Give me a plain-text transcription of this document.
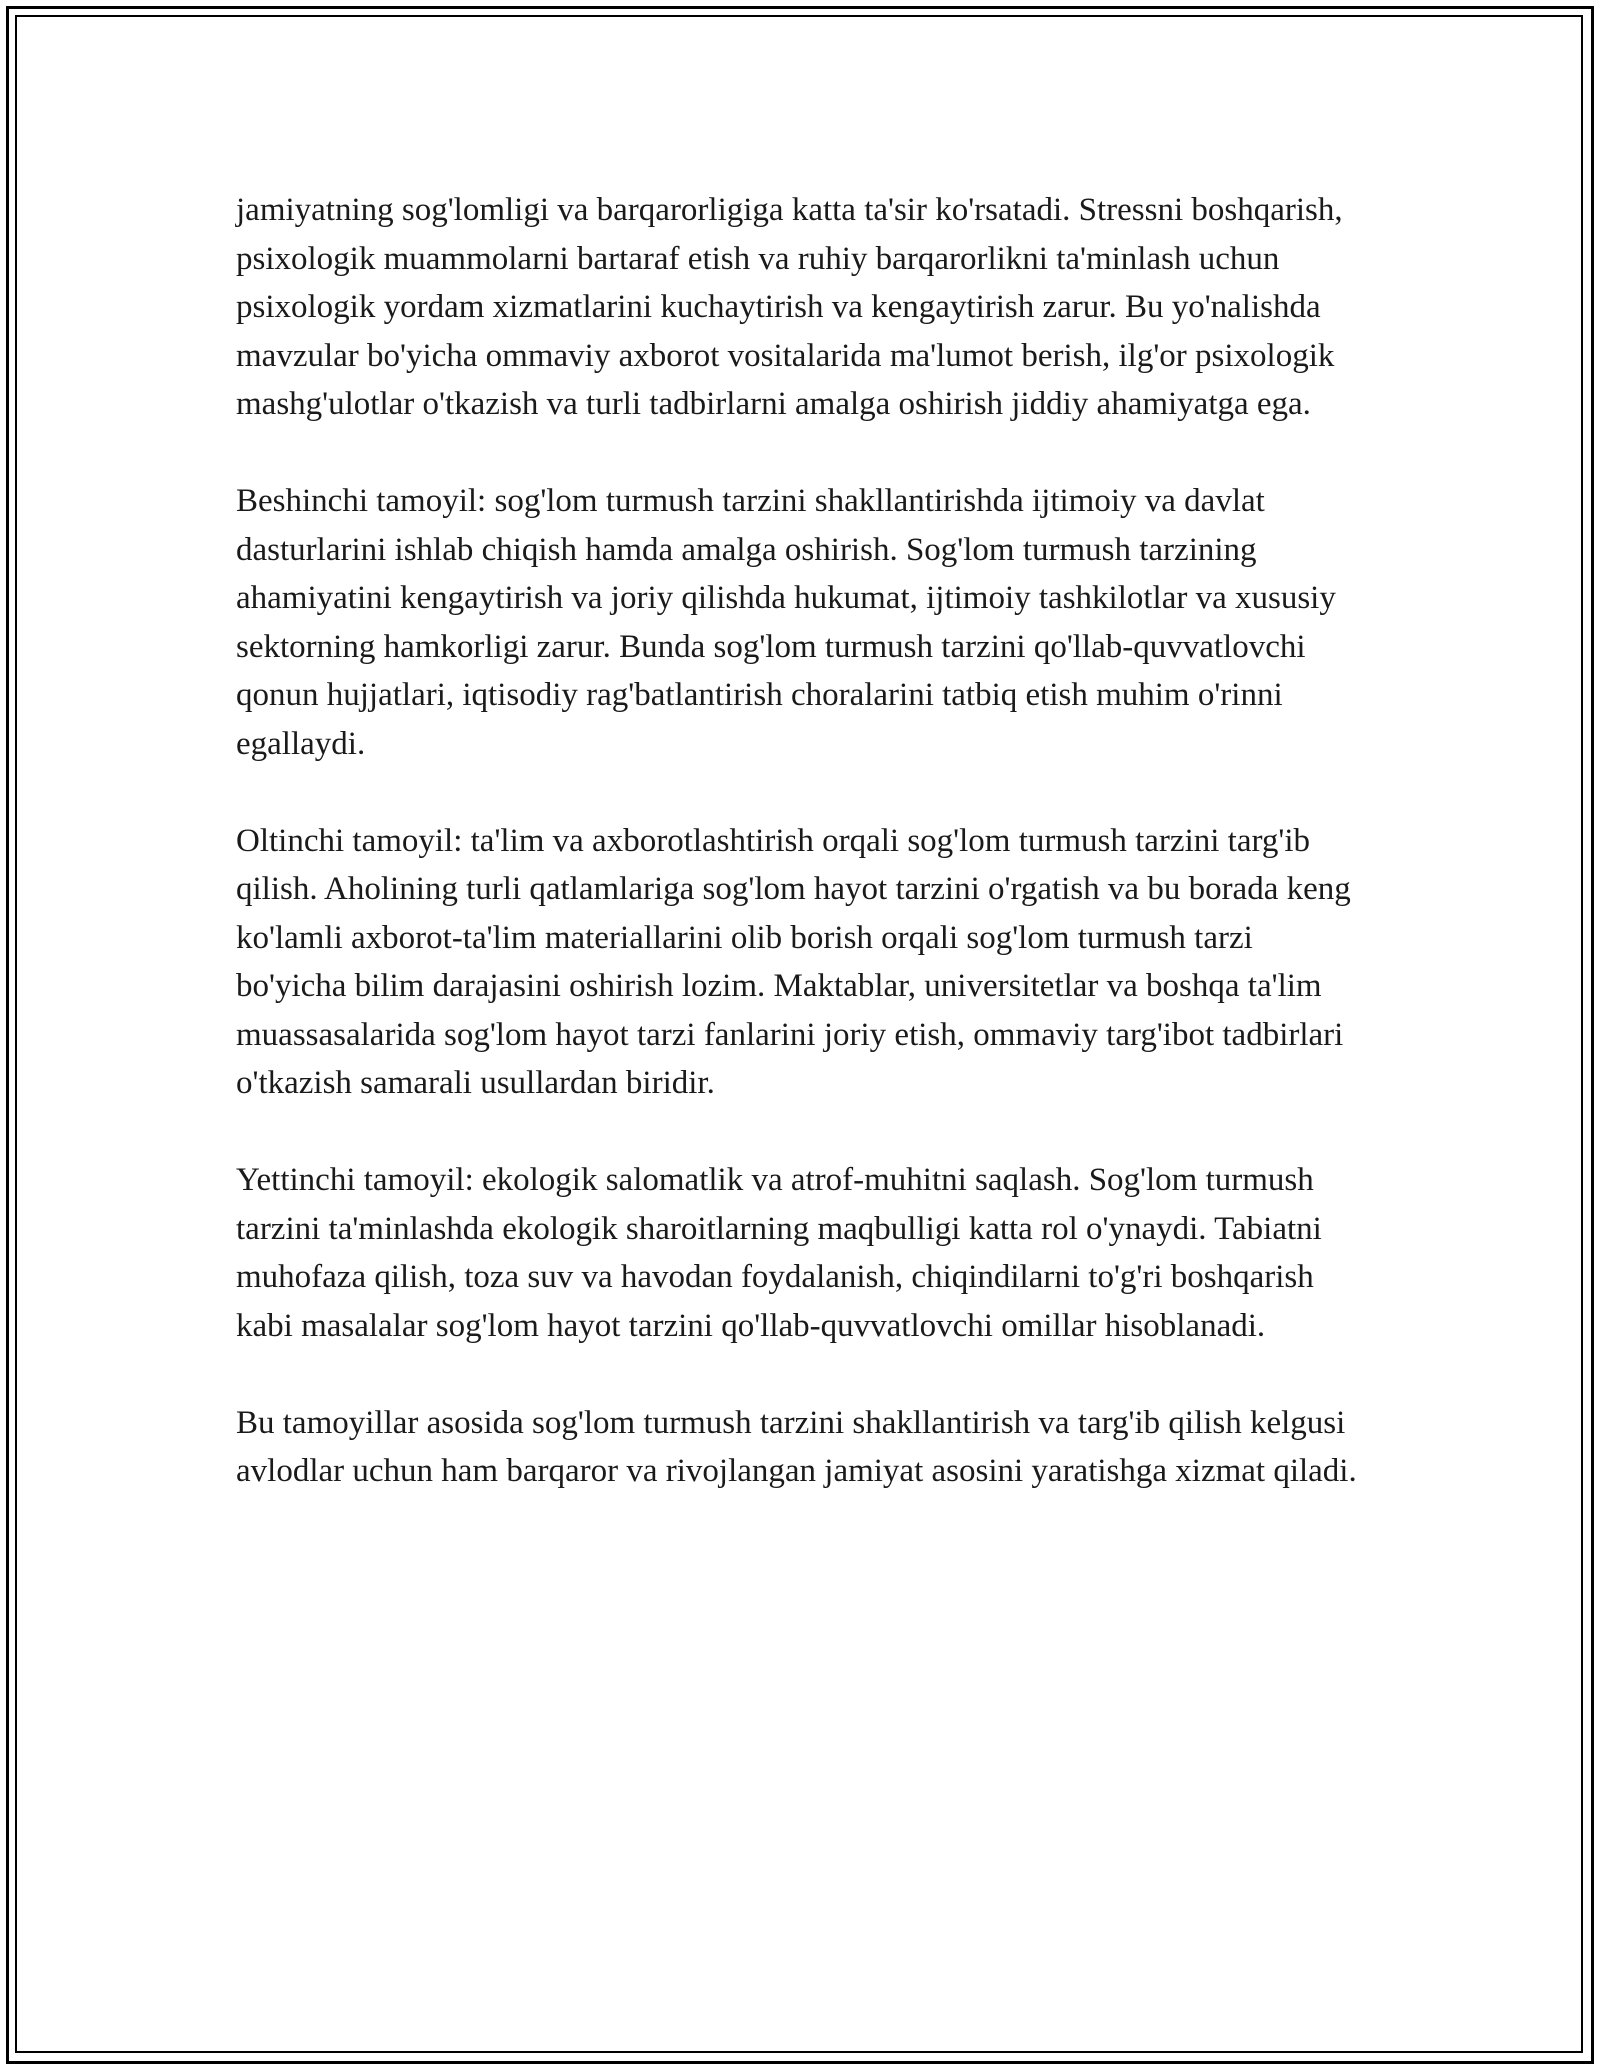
jamiyatning sog'lomligi va barqarorligiga katta ta'sir ko'rsatadi. Stressni boshqarish, psixologik muammolarni bartaraf etish va ruhiy barqarorlikni ta'minlash uchun psixologik yordam xizmatlarini kuchaytirish va kengaytirish zarur. Bu yo'nalishda mavzular bo'yicha ommaviy axborot vositalarida ma'lumot berish, ilg'or psixologik mashg'ulotlar o'tkazish va turli tadbirlarni amalga oshirish jiddiy ahamiyatga ega.

Beshinchi tamoyil: sog'lom turmush tarzini shakllantirishda ijtimoiy va davlat dasturlarini ishlab chiqish hamda amalga oshirish. Sog'lom turmush tarzining ahamiyatini kengaytirish va joriy qilishda hukumat, ijtimoiy tashkilotlar va xususiy sektorning hamkorligi zarur. Bunda sog'lom turmush tarzini qo'llab-quvvatlovchi qonun hujjatlari, iqtisodiy rag'batlantirish choralarini tatbiq etish muhim o'rinni egallaydi.

Oltinchi tamoyil: ta'lim va axborotlashtirish orqali sog'lom turmush tarzini targ'ib qilish. Aholining turli qatlamlariga sog'lom hayot tarzini o'rgatish va bu borada keng ko'lamli axborot-ta'lim materiallarini olib borish orqali sog'lom turmush tarzi bo'yicha bilim darajasini oshirish lozim. Maktablar, universitetlar va boshqa ta'lim muassasalarida sog'lom hayot tarzi fanlarini joriy etish, ommaviy targ'ibot tadbirlari o'tkazish samarali usullardan biridir.

Yettinchi tamoyil: ekologik salomatlik va atrof-muhitni saqlash. Sog'lom turmush tarzini ta'minlashda ekologik sharoitlarning maqbulligi katta rol o'ynaydi. Tabiatni muhofaza qilish, toza suv va havodan foydalanish, chiqindilarni to'g'ri boshqarish kabi masalalar sog'lom hayot tarzini qo'llab-quvvatlovchi omillar hisoblanadi.

Bu tamoyillar asosida sog'lom turmush tarzini shakllantirish va targ'ib qilish kelgusi avlodlar uchun ham barqaror va rivojlangan jamiyat asosini yaratishga xizmat qiladi.
